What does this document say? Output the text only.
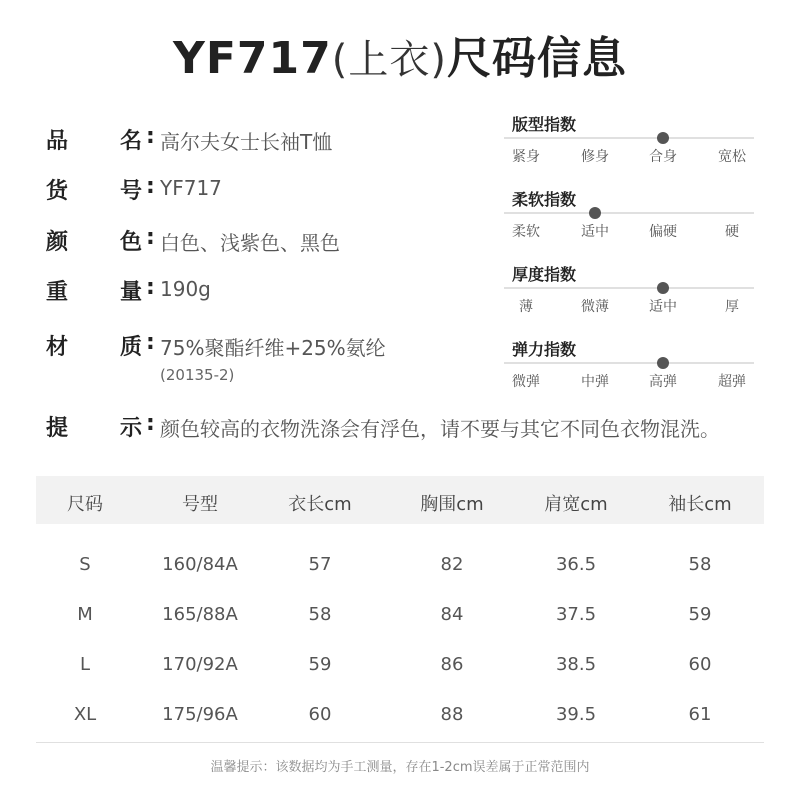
YF717(上衣)尺码信息
品 名 : 高尔夫女士长袖T恤
货 号 : YF717
颜 色 : 白色、浅紫色、黑色
重 量 : 190g
材 质 : 75%聚酯纤维+25%氨纶
(20135-2)
提 示 : 颜色较高的衣物洗涤会有浮色，请不要与其它不同色衣物混洗。
版型指数
紧身	修身	合身	宽松
柔软指数
柔软	适中	偏硬	硬
厚度指数
薄	微薄	适中	厚
弹力指数
微弹	中弹	高弹	超弹
尺码	号型	衣长cm	胸围cm	肩宽cm	袖长cm
S	160/84A	57	82	36.5	58
M	165/88A	58	84	37.5	59
L	170/92A	59	86	38.5	60
XL	175/96A	60	88	39.5	61
温馨提示：该数据均为手工测量，存在1-2cm误差属于正常范围内
